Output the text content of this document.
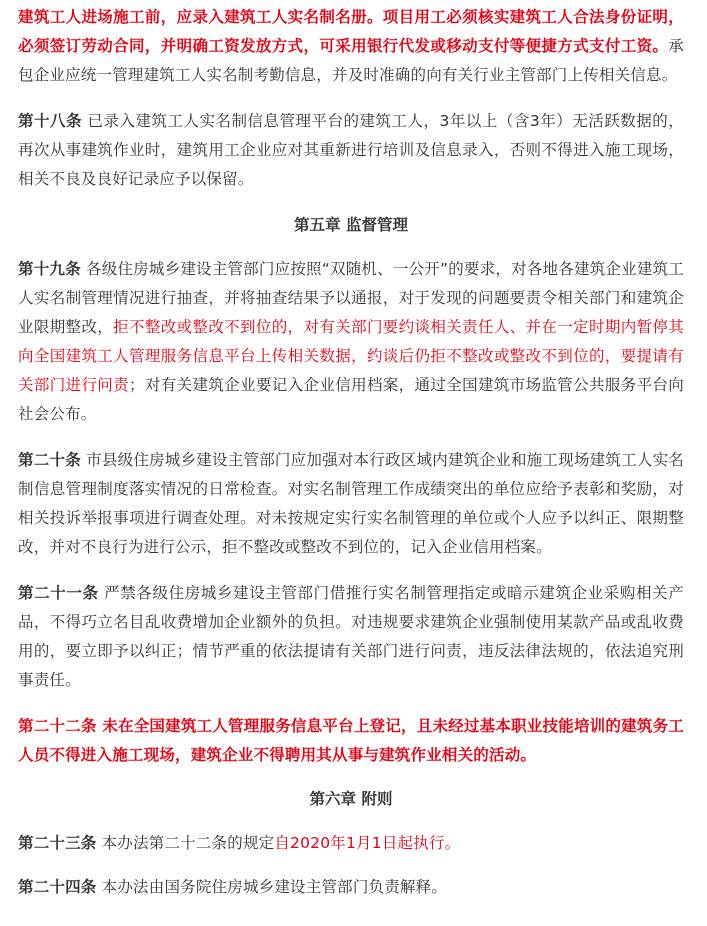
建筑工人进场施工前，应录入建筑工人实名制名册。项目用工必须核实建筑工人合法身份证明，必须签订劳动合同，并明确工资发放方式，可采用银行代发或移动支付等便捷方式支付工资。承包企业应统一管理建筑工人实名制考勤信息，并及时准确的向有关行业主管部门上传相关信息。

第十八条 已录入建筑工人实名制信息管理平台的建筑工人，3年以上（含3年）无活跃数据的，再次从事建筑作业时，建筑用工企业应对其重新进行培训及信息录入，否则不得进入施工现场，相关不良及良好记录应予以保留。

第五章 监督管理

第十九条 各级住房城乡建设主管部门应按照“双随机、一公开”的要求，对各地各建筑企业建筑工人实名制管理情况进行抽查，并将抽查结果予以通报，对于发现的问题要责令相关部门和建筑企业限期整改，拒不整改或整改不到位的，对有关部门要约谈相关责任人、并在一定时期内暂停其向全国建筑工人管理服务信息平台上传相关数据，约谈后仍拒不整改或整改不到位的，要提请有关部门进行问责；对有关建筑企业要记入企业信用档案，通过全国建筑市场监管公共服务平台向社会公布。

第二十条 市县级住房城乡建设主管部门应加强对本行政区域内建筑企业和施工现场建筑工人实名制信息管理制度落实情况的日常检查。对实名制管理工作成绩突出的单位应给予表彰和奖励，对相关投诉举报事项进行调查处理。对未按规定实行实名制管理的单位或个人应予以纠正、限期整改，并对不良行为进行公示，拒不整改或整改不到位的，记入企业信用档案。

第二十一条 严禁各级住房城乡建设主管部门借推行实名制管理指定或暗示建筑企业采购相关产品，不得巧立名目乱收费增加企业额外的负担。对违规要求建筑企业强制使用某款产品或乱收费用的，要立即予以纠正；情节严重的依法提请有关部门进行问责，违反法律法规的，依法追究刑事责任。

第二十二条 未在全国建筑工人管理服务信息平台上登记，且未经过基本职业技能培训的建筑务工人员不得进入施工现场，建筑企业不得聘用其从事与建筑作业相关的活动。

第六章 附则

第二十三条 本办法第二十二条的规定自2020年1月1日起执行。

第二十四条 本办法由国务院住房城乡建设主管部门负责解释。
